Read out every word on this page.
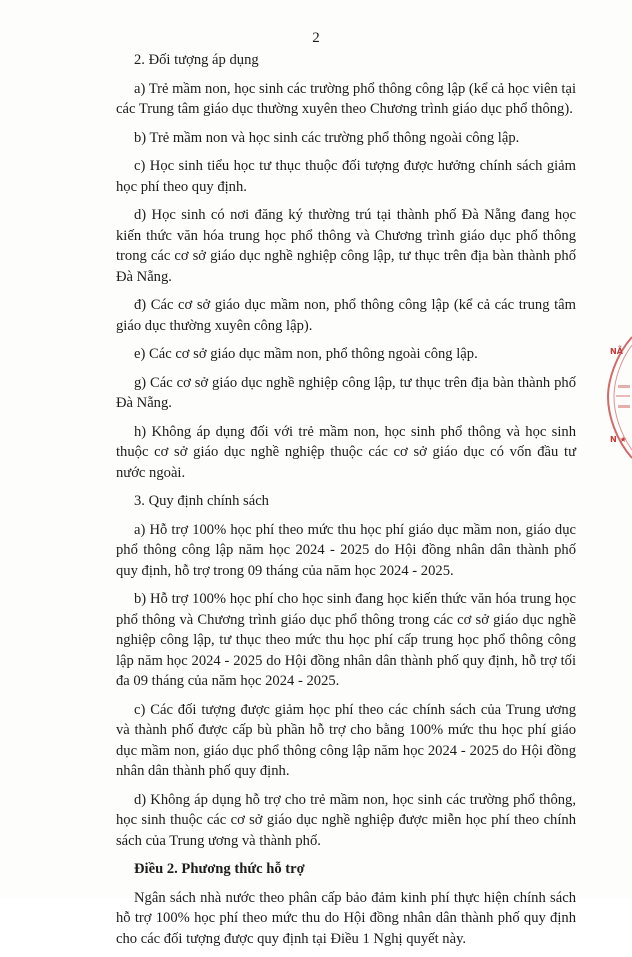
2

2. Đối tượng áp dụng

a) Trẻ mầm non, học sinh các trường phổ thông công lập (kể cả học viên tại các Trung tâm giáo dục thường xuyên theo Chương trình giáo dục phổ thông).

b) Trẻ mầm non và học sinh các trường phổ thông ngoài công lập.

c) Học sinh tiểu học tư thục thuộc đối tượng được hưởng chính sách giảm học phí theo quy định.

d) Học sinh có nơi đăng ký thường trú tại thành phố Đà Nẵng đang học kiến thức văn hóa trung học phổ thông và Chương trình giáo dục phổ thông trong các cơ sở giáo dục nghề nghiệp công lập, tư thục trên địa bàn thành phố Đà Nẵng.

đ) Các cơ sở giáo dục mầm non, phổ thông công lập (kể cả các trung tâm giáo dục thường xuyên công lập).

e) Các cơ sở giáo dục mầm non, phổ thông ngoài công lập.

g) Các cơ sở giáo dục nghề nghiệp công lập, tư thục trên địa bàn thành phố Đà Nẵng.

h) Không áp dụng đối với trẻ mầm non, học sinh phổ thông và học sinh thuộc cơ sở giáo dục nghề nghiệp thuộc các cơ sở giáo dục có vốn đầu tư nước ngoài.

3. Quy định chính sách

a) Hỗ trợ 100% học phí theo mức thu học phí giáo dục mầm non, giáo dục phổ thông công lập năm học 2024 - 2025 do Hội đồng nhân dân thành phố quy định, hỗ trợ trong 09 tháng của năm học 2024 - 2025.

b) Hỗ trợ 100% học phí cho học sinh đang học kiến thức văn hóa trung học phổ thông và Chương trình giáo dục phổ thông trong các cơ sở giáo dục nghề nghiệp công lập, tư thục theo mức thu học phí cấp trung học phổ thông công lập năm học 2024 - 2025 do Hội đồng nhân dân thành phố quy định, hỗ trợ tối đa 09 tháng của năm học 2024 - 2025.

c) Các đối tượng được giảm học phí theo các chính sách của Trung ương và thành phố được cấp bù phần hỗ trợ cho bằng 100% mức thu học phí giáo dục mầm non, giáo dục phổ thông công lập năm học 2024 - 2025 do Hội đồng nhân dân thành phố quy định.

d) Không áp dụng hỗ trợ cho trẻ mầm non, học sinh các trường phổ thông, học sinh thuộc các cơ sở giáo dục nghề nghiệp được miễn học phí theo chính sách của Trung ương và thành phố.

Điều 2. Phương thức hỗ trợ

Ngân sách nhà nước theo phân cấp bảo đảm kinh phí thực hiện chính sách hỗ trợ 100% học phí theo mức thu do Hội đồng nhân dân thành phố quy định cho các đối tượng được quy định tại Điều 1 Nghị quyết này.

NẴ
N ★
